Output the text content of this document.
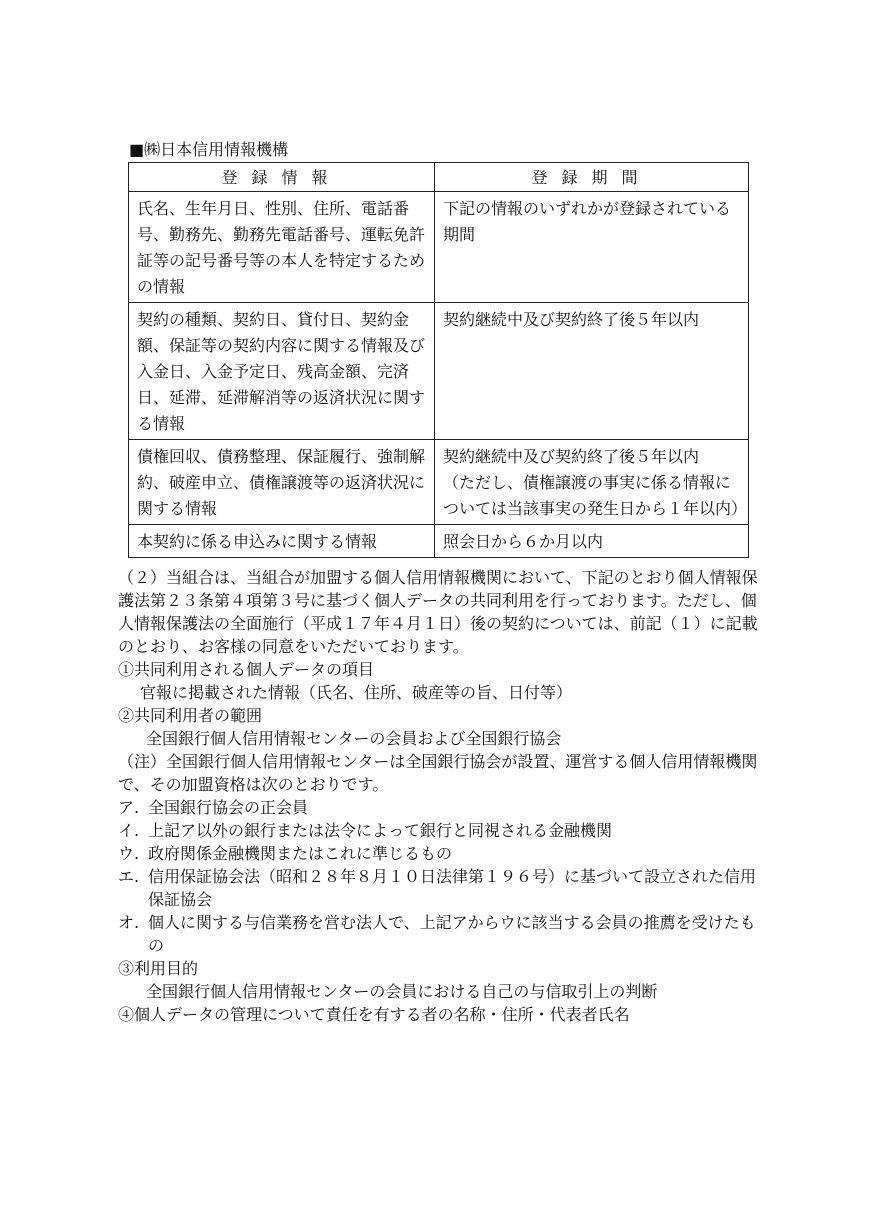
■㈱日本信用情報機構
登録情報	登録期間

氏名、生年月日、性別、住所、電話番号、勤務先、勤務先電話番号、運転免許証等の記号番号等の本人を特定するための情報	下記の情報のいずれかが登録されている期間

契約の種類、契約日、貸付日、契約金額、保証等の契約内容に関する情報及び入金日、入金予定日、残高金額、完済日、延滞、延滞解消等の返済状況に関する情報	契約継続中及び契約終了後５年以内

債権回収、債務整理、保証履行、強制解約、破産申立、債権譲渡等の返済状況に関する情報	契約継続中及び契約終了後５年以内
（ただし、債権譲渡の事実に係る情報については当該事実の発生日から１年以内）

本契約に係る申込みに関する情報	照会日から６か月以内

（２）当組合は、当組合が加盟する個人信用情報機関において、下記のとおり個人情報保護法第２３条第４項第３号に基づく個人データの共同利用を行っております。ただし、個人情報保護法の全面施行（平成１７年４月１日）後の契約については、前記（１）に記載のとおり、お客様の同意をいただいております。

①共同利用される個人データの項目

官報に掲載された情報（氏名、住所、破産等の旨、日付等）

②共同利用者の範囲

全国銀行個人信用情報センターの会員および全国銀行協会

（注）全国銀行個人信用情報センターは全国銀行協会が設置、運営する個人信用情報機関で、その加盟資格は次のとおりです。

ア. 全国銀行協会の正会員
イ. 上記ア以外の銀行または法令によって銀行と同視される金融機関
ウ. 政府関係金融機関またはこれに準じるもの
エ. 信用保証協会法（昭和２８年８月１０日法律第１９６号）に基づいて設立された信用保証協会
オ. 個人に関する与信業務を営む法人で、上記アからウに該当する会員の推薦を受けたもの

③利用目的

全国銀行個人信用情報センターの会員における自己の与信取引上の判断

④個人データの管理について責任を有する者の名称・住所・代表者氏名
